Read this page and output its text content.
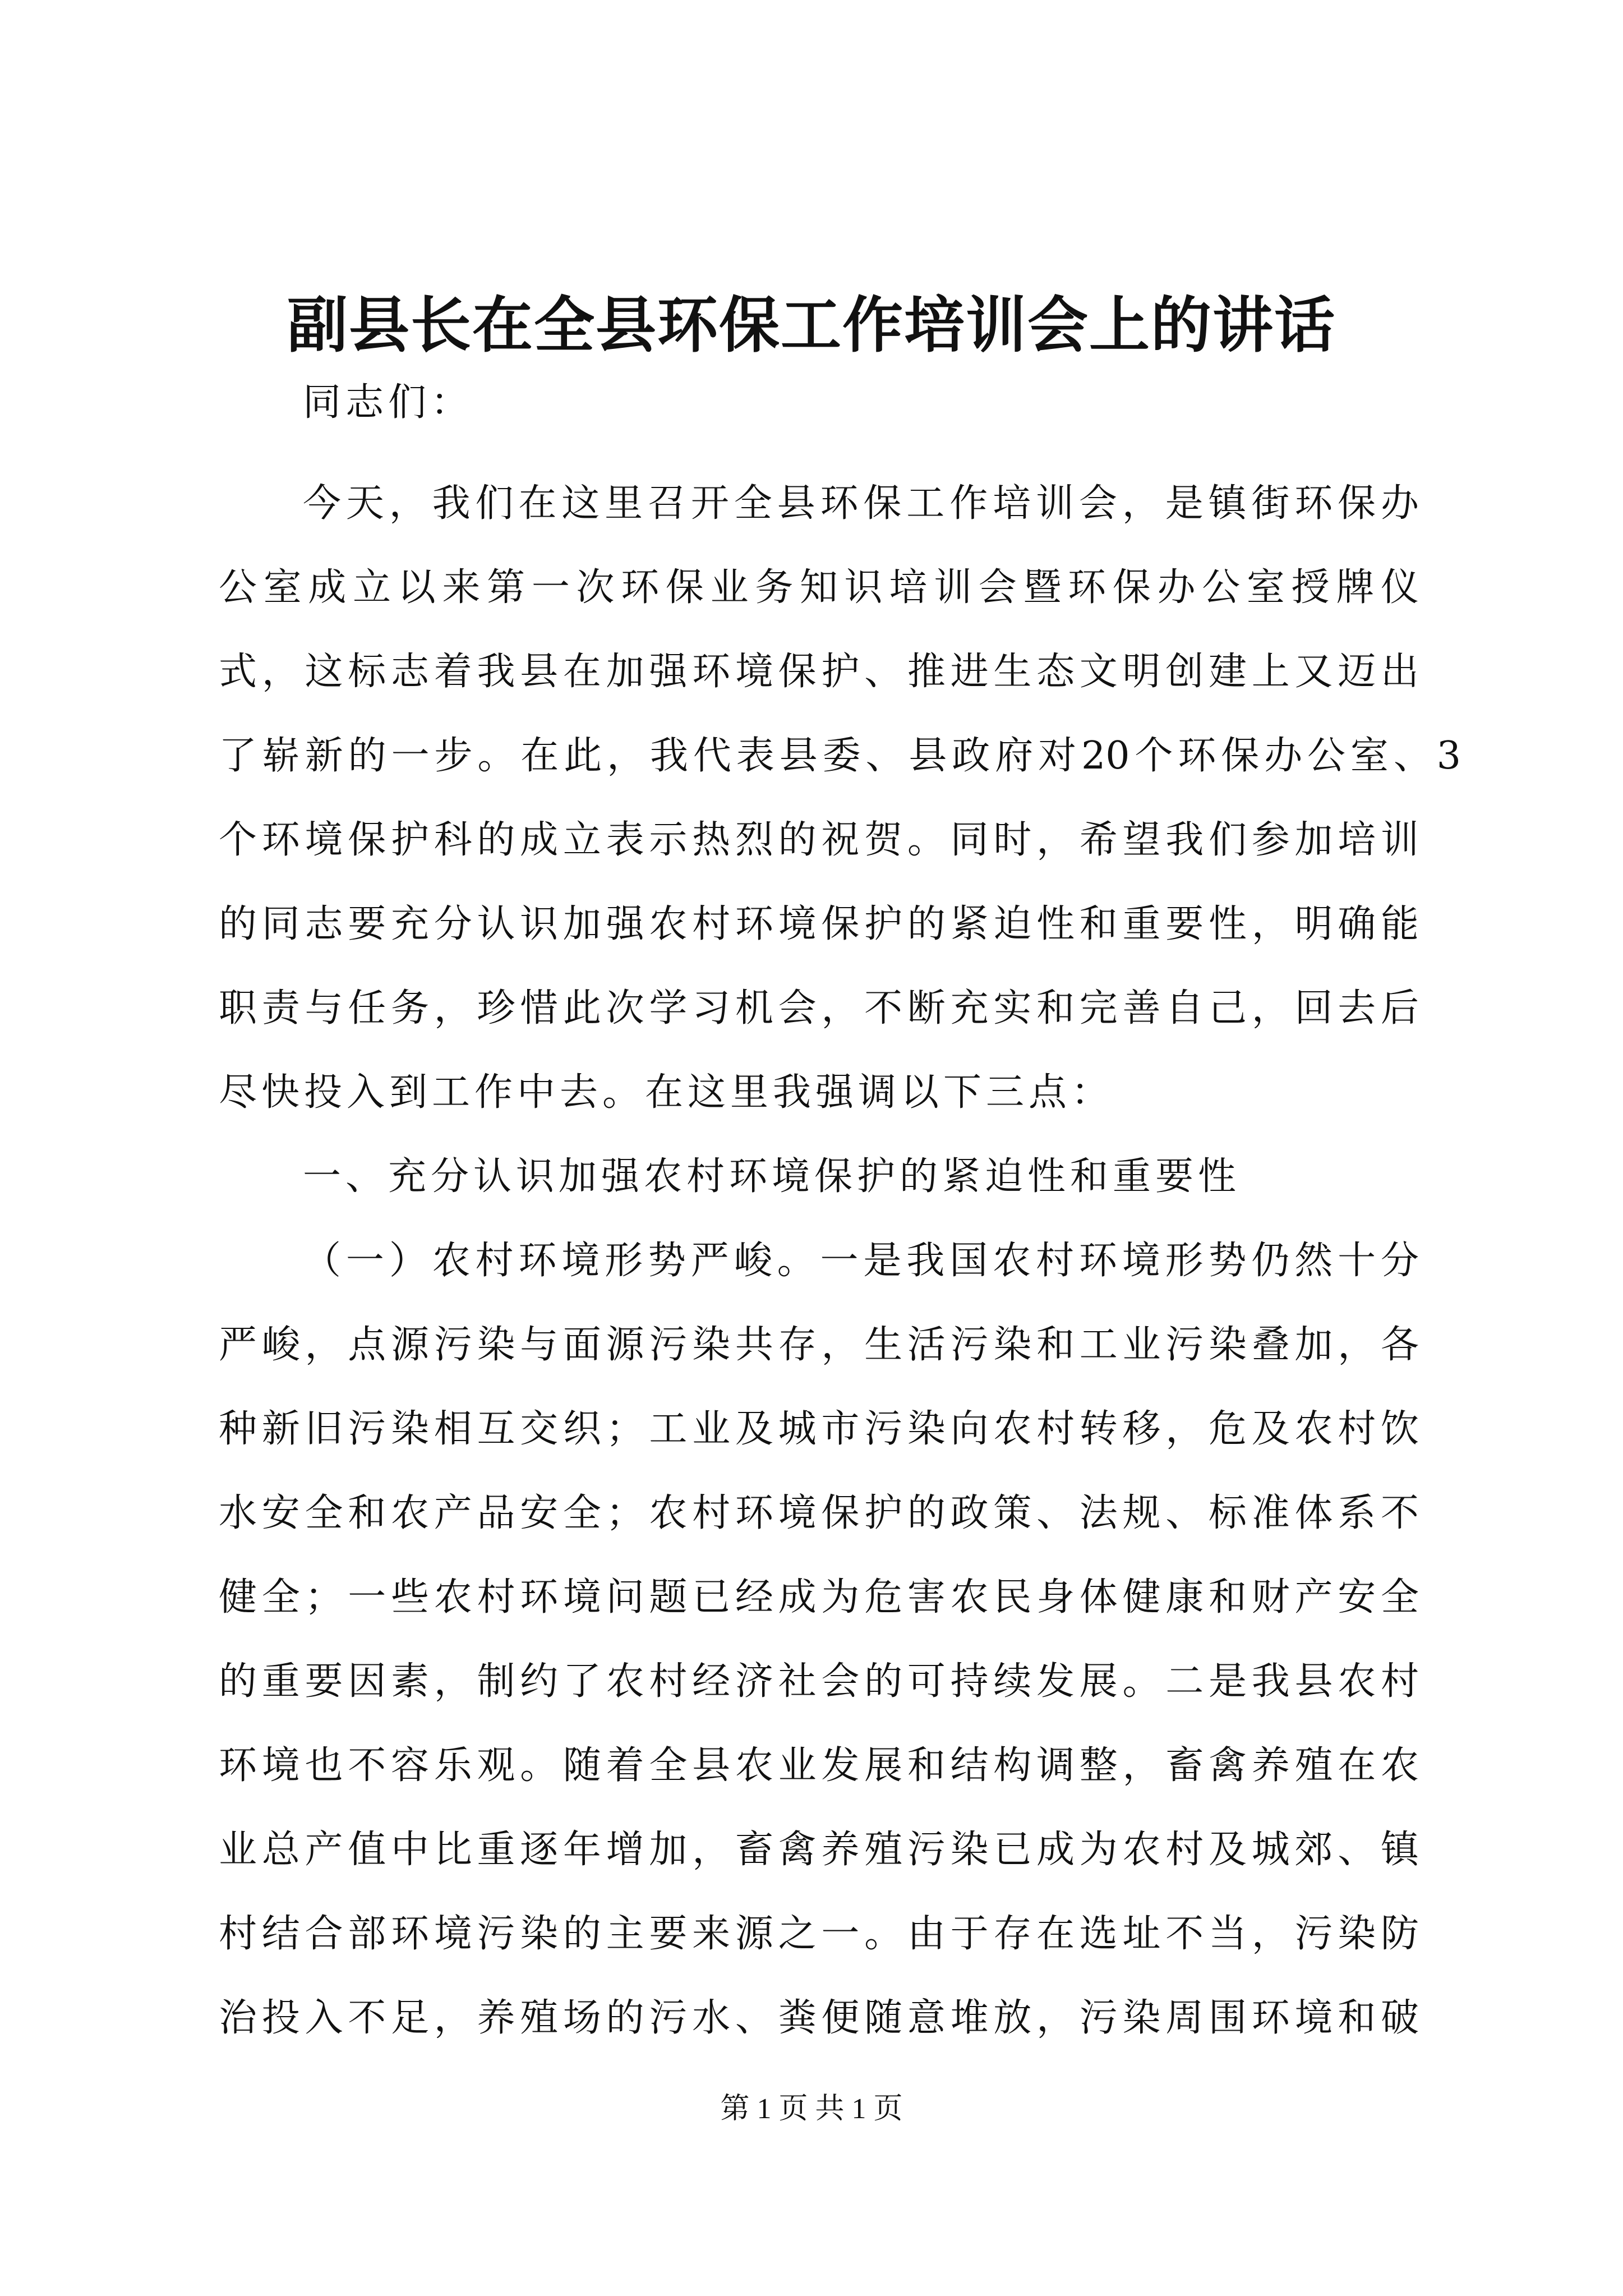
副县长在全县环保工作培训会上的讲话
同志们：
今天，我们在这里召开全县环保工作培训会，是镇街环保办
公室成立以来第一次环保业务知识培训会暨环保办公室授牌仪
式，这标志着我县在加强环境保护、推进生态文明创建上又迈出
了崭新的一步。在此，我代表县委、县政府对20个环保办公室、3
个环境保护科的成立表示热烈的祝贺。同时，希望我们参加培训
的同志要充分认识加强农村环境保护的紧迫性和重要性，明确能
职责与任务，珍惜此次学习机会，不断充实和完善自己，回去后
尽快投入到工作中去。在这里我强调以下三点：
一、充分认识加强农村环境保护的紧迫性和重要性
（一）农村环境形势严峻。一是我国农村环境形势仍然十分
严峻，点源污染与面源污染共存，生活污染和工业污染叠加，各
种新旧污染相互交织；工业及城市污染向农村转移，危及农村饮
水安全和农产品安全；农村环境保护的政策、法规、标准体系不
健全；一些农村环境问题已经成为危害农民身体健康和财产安全
的重要因素，制约了农村经济社会的可持续发展。二是我县农村
环境也不容乐观。随着全县农业发展和结构调整，畜禽养殖在农
业总产值中比重逐年增加，畜禽养殖污染已成为农村及城郊、镇
村结合部环境污染的主要来源之一。由于存在选址不当，污染防
治投入不足，养殖场的污水、粪便随意堆放，污染周围环境和破
第 1 页 共 1 页
